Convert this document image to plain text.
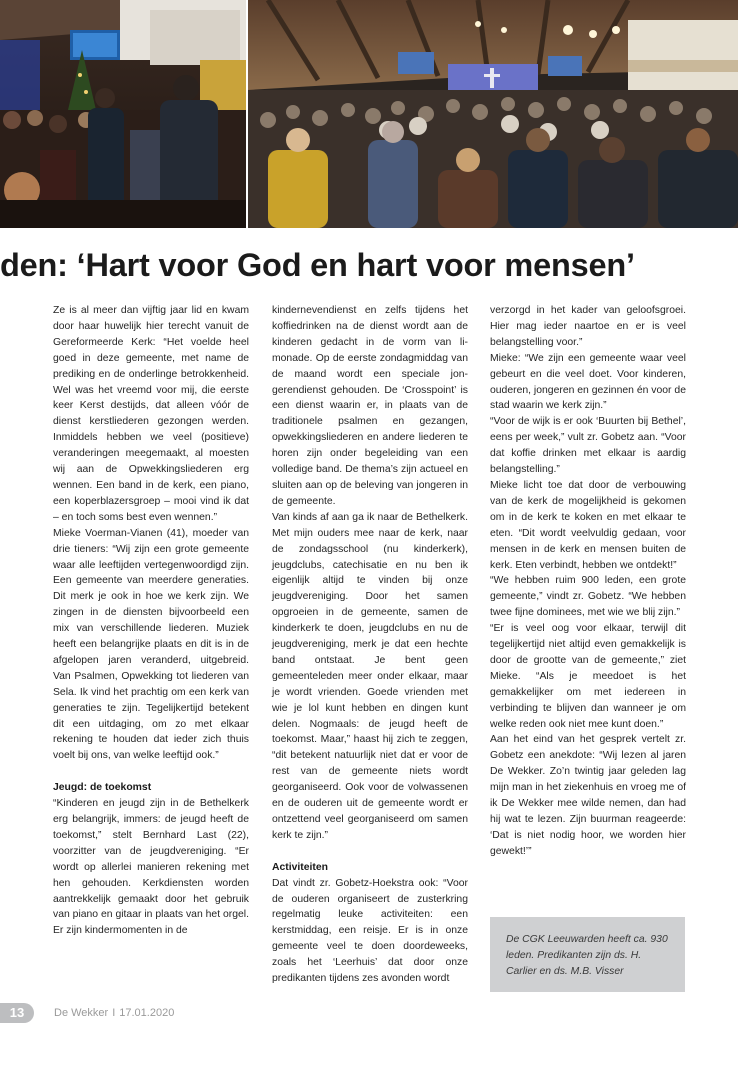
den: ‘Hart voor God en hart voor mensen’

Ze is al meer dan vijftig jaar lid en kwam door haar huwelijk hier terecht vanuit de Gereformeerde Kerk: “Het voelde heel goed in deze gemeente, met name de prediking en de onderlinge betrokkenheid. Wel was het vreemd voor mij, die eerste keer Kerst destijds, dat alleen vóór de dienst kerstliederen gezongen werden. Inmiddels hebben we veel (positieve) veranderingen meegemaakt, al moesten wij aan de Opwekkingsliederen erg wennen. Een band in de kerk, een piano, een koperblazersgroep – mooi vind ik dat – en toch soms best even wennen.”

Mieke Voerman-Vianen (41), moeder van drie tieners: “Wij zijn een grote gemeente waar alle leeftijden vertegenwoordigd zijn. Een gemeente van meerdere generaties. Dit merk je ook in hoe we kerk zijn. We zingen in de diensten bijvoorbeeld een mix van verschillende liederen. Muziek heeft een belangrijke plaats en dit is in de afgelopen jaren veranderd, uitgebreid. Van Psalmen, Opwekking tot liederen van Sela. Ik vind het prachtig om een kerk van generaties te zijn. Tegelijkertijd betekent dit een uitdaging, om zo met elkaar rekening te houden dat ieder zich thuis voelt bij ons, van welke leeftijd ook.”

Jeugd: de toekomst

“Kinderen en jeugd zijn in de Bethelkerk erg belangrijk, immers: de jeugd heeft de toekomst,” stelt Bernhard Last (22), voorzitter van de jeugdvereniging. “Er wordt op allerlei manieren rekening met hen gehouden. Kerkdiensten worden aantrekkelijk gemaakt door het gebruik van piano en gitaar in plaats van het orgel. Er zijn kindermomenten in de

kindernevendienst en zelfs tijdens het koffiedrinken na de dienst wordt aan de kinderen gedacht in de vorm van limonade. Op de eerste zondagmiddag van de maand wordt een speciale jongerendienst gehouden. De ‘Crosspoint’ is een dienst waarin er, in plaats van de traditionele psalmen en gezangen, opwekkingsliederen en andere liederen te horen zijn onder begeleiding van een volledige band. De thema’s zijn actueel en sluiten aan op de beleving van jongeren in de gemeente.

Van kinds af aan ga ik naar de Bethelkerk. Met mijn ouders mee naar de kerk, naar de zondagsschool (nu kinderkerk), jeugdclubs, catechisatie en nu ben ik eigenlijk altijd te vinden bij onze jeugdvereniging. Door het samen opgroeien in de gemeente, samen de kinderkerk te doen, jeugdclubs en nu de jeugdvereniging, merk je dat een hechte band ontstaat. Je bent geen gemeenteleden meer onder elkaar, maar je wordt vrienden. Goede vrienden met wie je lol kunt hebben en dingen kunt delen. Nogmaals: de jeugd heeft de toekomst. Maar,” haast hij zich te zeggen, “dit betekent natuurlijk niet dat er voor de rest van de gemeente niets wordt georganiseerd. Ook voor de volwassenen en de ouderen uit de gemeente wordt er ontzettend veel georganiseerd om samen kerk te zijn.”

Activiteiten

Dat vindt zr. Gobetz-Hoekstra ook: “Voor de ouderen organiseert de zusterkring regelmatig leuke activiteiten: een kerstmiddag, een reisje. Er is in onze gemeente veel te doen doordeweeks, zoals het ‘Leerhuis’ dat door onze predikanten tijdens zes avonden wordt

verzorgd in het kader van geloofsgroei. Hier mag ieder naartoe en er is veel belangstelling voor.”

Mieke: “We zijn een gemeente waar veel gebeurt en die veel doet. Voor kinderen, ouderen, jongeren en gezinnen én voor de stad waarin we kerk zijn.”

“Voor de wijk is er ook ‘Buurten bij Bethel’, eens per week,” vult zr. Gobetz aan. “Voor dat koffie drinken met elkaar is aardig belangstelling.”

Mieke licht toe dat door de verbouwing van de kerk de mogelijkheid is gekomen om in de kerk te koken en met elkaar te eten. “Dit wordt veelvuldig gedaan, voor mensen in de kerk en mensen buiten de kerk. Eten verbindt, hebben we ontdekt!”

“We hebben ruim 900 leden, een grote gemeente,” vindt zr. Gobetz. “We hebben twee fijne dominees, met wie we blij zijn.”

“Er is veel oog voor elkaar, terwijl dit tegelijkertijd niet altijd even gemakkelijk is door de grootte van de gemeente,” ziet Mieke. “Als je meedoet is het gemakkelijker om met iedereen in verbinding te blijven dan wanneer je om welke reden ook niet mee kunt doen.”

Aan het eind van het gesprek vertelt zr. Gobetz een anekdote: “Wij lezen al jaren De Wekker. Zo’n twintig jaar geleden lag mijn man in het ziekenhuis en vroeg me of ik De Wekker mee wilde nemen, dan had hij wat te lezen. Zijn buurman reageerde: ‘Dat is niet nodig hoor, we worden hier gewekt!’”

De CGK Leeuwarden heeft ca. 930 leden. Predikanten zijn ds. H. Carlier en ds. M.B. Visser

13	De Wekker I 17.01.2020
